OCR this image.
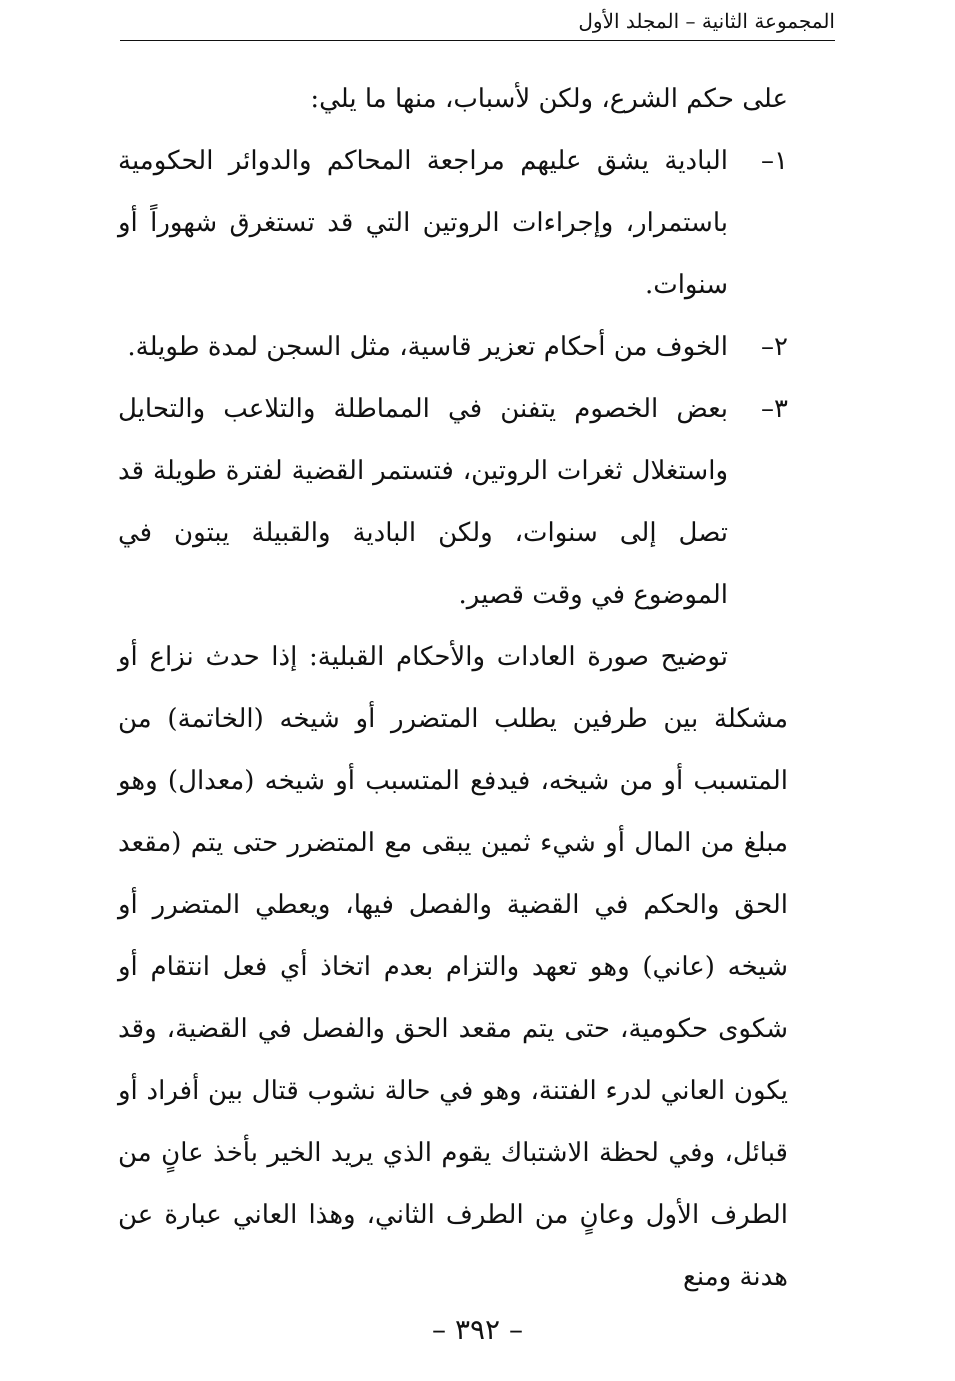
المجموعة الثانية – المجلد الأول

على حكم الشرع، ولكن لأسباب، منها ما يلي:

١–
البادية يشق عليهم مراجعة المحاكم والدوائر الحكومية باستمرار، وإجراءات الروتين التي قد تستغرق شهوراً أو سنوات.
٢–
الخوف من أحكام تعزير قاسية، مثل السجن لمدة طويلة.
٣–
بعض الخصوم يتفنن في المماطلة والتلاعب والتحايل واستغلال ثغرات الروتين، فتستمر القضية لفترة طويلة قد تصل إلى سنوات، ولكن البادية والقبيلة يبتون في الموضوع في وقت قصير.

توضيح صورة العادات والأحكام القبلية: إذا حدث نزاع أو مشكلة بين طرفين يطلب المتضرر أو شيخه (الخاتمة) من المتسبب أو من شيخه، فيدفع المتسبب أو شيخه (معدال) وهو مبلغ من المال أو شيء ثمين يبقى مع المتضرر حتى يتم (مقعد الحق والحكم في القضية والفصل فيها، ويعطي المتضرر أو شيخه (عاني) وهو تعهد والتزام بعدم اتخاذ أي فعل انتقام أو شكوى حكومية، حتى يتم مقعد الحق والفصل في القضية، وقد يكون العاني لدرء الفتنة، وهو في حالة نشوب قتال بين أفراد أو قبائل، وفي لحظة الاشتباك يقوم الذي يريد الخير بأخذ عانٍ من الطرف الأول وعانٍ من الطرف الثاني، وهذا العاني عبارة عن هدنة ومنع

– ٣٩٢ –
